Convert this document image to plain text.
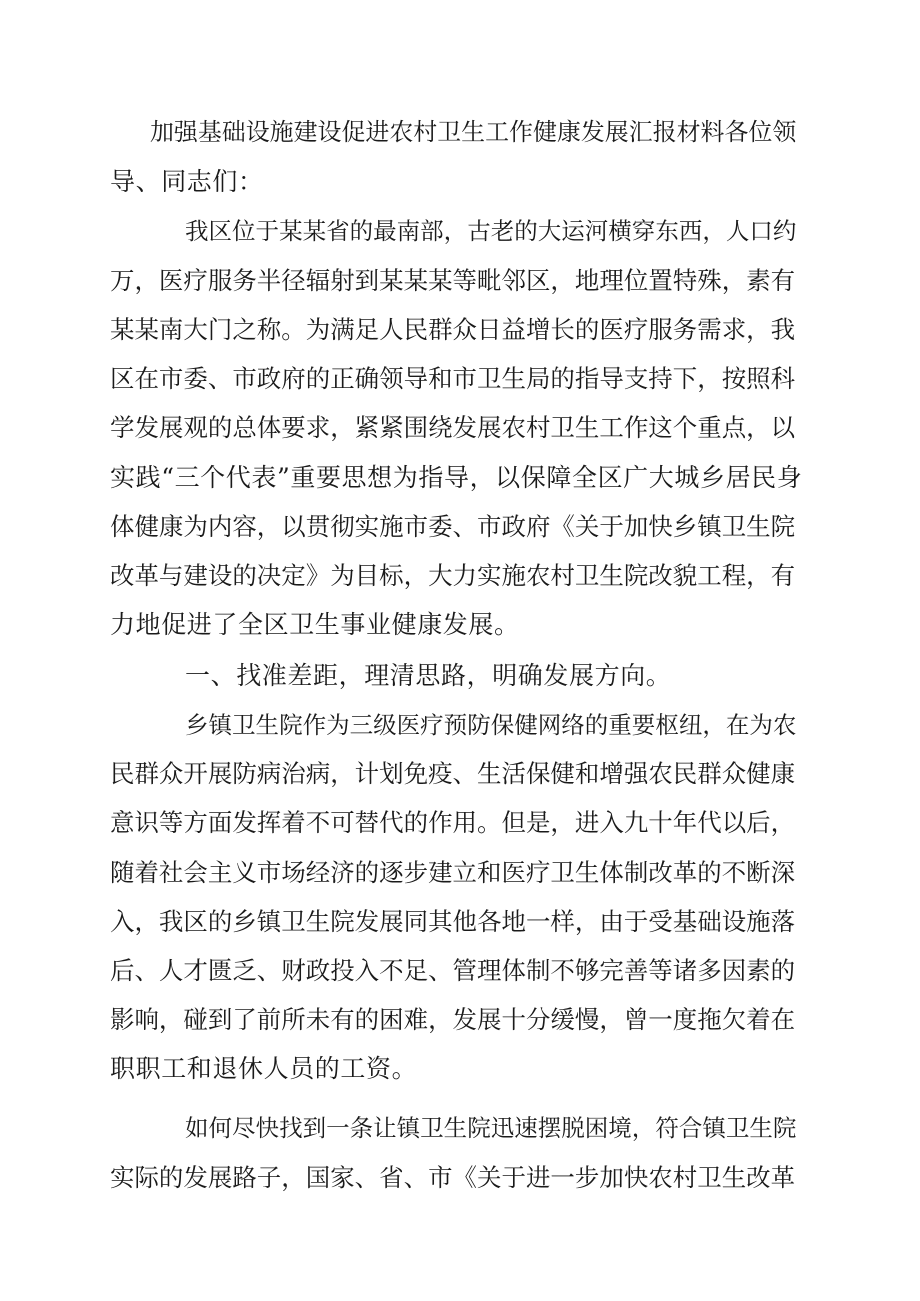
加强基础设施建设促进农村卫生工作健康发展汇报材料各位领

导、同志们：

我区位于某某省的最南部，古老的大运河横穿东西，人口约

万，医疗服务半径辐射到某某某等毗邻区，地理位置特殊，素有

某某南大门之称。为满足人民群众日益增长的医疗服务需求，我

区在市委、市政府的正确领导和市卫生局的指导支持下，按照科

学发展观的总体要求，紧紧围绕发展农村卫生工作这个重点，以

实践“三个代表”重要思想为指导，以保障全区广大城乡居民身

体健康为内容，以贯彻实施市委、市政府《关于加快乡镇卫生院

改革与建设的决定》为目标，大力实施农村卫生院改貌工程，有

力地促进了全区卫生事业健康发展。

一、找准差距，理清思路，明确发展方向。

乡镇卫生院作为三级医疗预防保健网络的重要枢纽，在为农

民群众开展防病治病，计划免疫、生活保健和增强农民群众健康

意识等方面发挥着不可替代的作用。但是，进入九十年代以后，

随着社会主义市场经济的逐步建立和医疗卫生体制改革的不断深

入，我区的乡镇卫生院发展同其他各地一样，由于受基础设施落

后、人才匮乏、财政投入不足、管理体制不够完善等诸多因素的

影响，碰到了前所未有的困难，发展十分缓慢，曾一度拖欠着在

职职工和退休人员的工资。

如何尽快找到一条让镇卫生院迅速摆脱困境，符合镇卫生院

实际的发展路子，国家、省、市《关于进一步加快农村卫生改革
